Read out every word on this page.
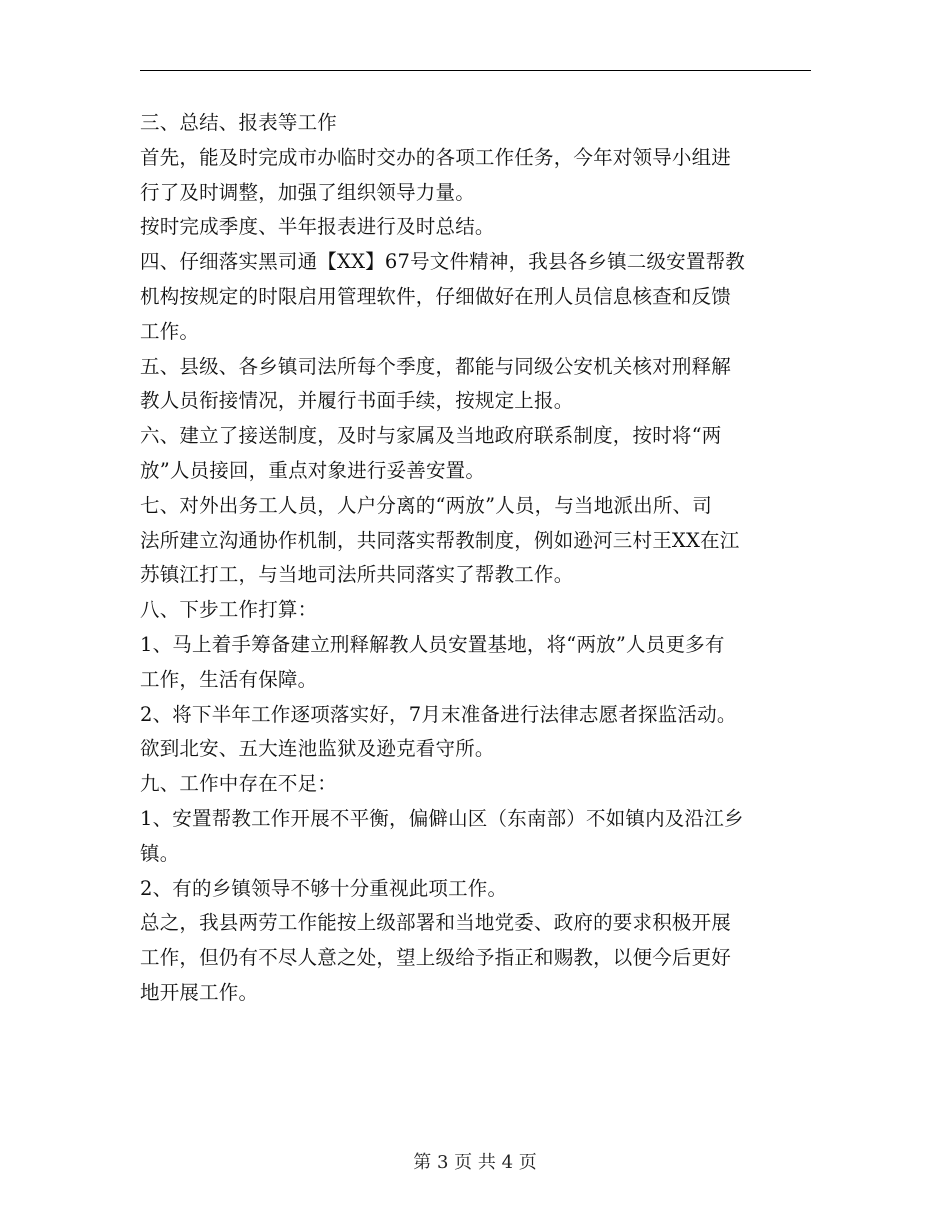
三、总结、报表等工作

首先，能及时完成市办临时交办的各项工作任务，今年对领导小组进
行了及时调整，加强了组织领导力量。

按时完成季度、半年报表进行及时总结。

四、仔细落实黑司通【XX】67号文件精神，我县各乡镇二级安置帮教
机构按规定的时限启用管理软件，仔细做好在刑人员信息核查和反馈
工作。

五、县级、各乡镇司法所每个季度，都能与同级公安机关核对刑释解
教人员衔接情况，并履行书面手续，按规定上报。

六、建立了接送制度，及时与家属及当地政府联系制度，按时将“两
放”人员接回，重点对象进行妥善安置。

七、对外出务工人员，人户分离的“两放”人员，与当地派出所、司
法所建立沟通协作机制，共同落实帮教制度，例如逊河三村王XX在江
苏镇江打工，与当地司法所共同落实了帮教工作。

八、下步工作打算：

1、马上着手筹备建立刑释解教人员安置基地，将“两放”人员更多有
工作，生活有保障。

2、将下半年工作逐项落实好，7月末准备进行法律志愿者探监活动。
欲到北安、五大连池监狱及逊克看守所。

九、工作中存在不足：

1、安置帮教工作开展不平衡，偏僻山区（东南部）不如镇内及沿江乡
镇。

2、有的乡镇领导不够十分重视此项工作。

总之，我县两劳工作能按上级部署和当地党委、政府的要求积极开展
工作，但仍有不尽人意之处，望上级给予指正和赐教，以便今后更好
地开展工作。

第 3 页 共 4 页
